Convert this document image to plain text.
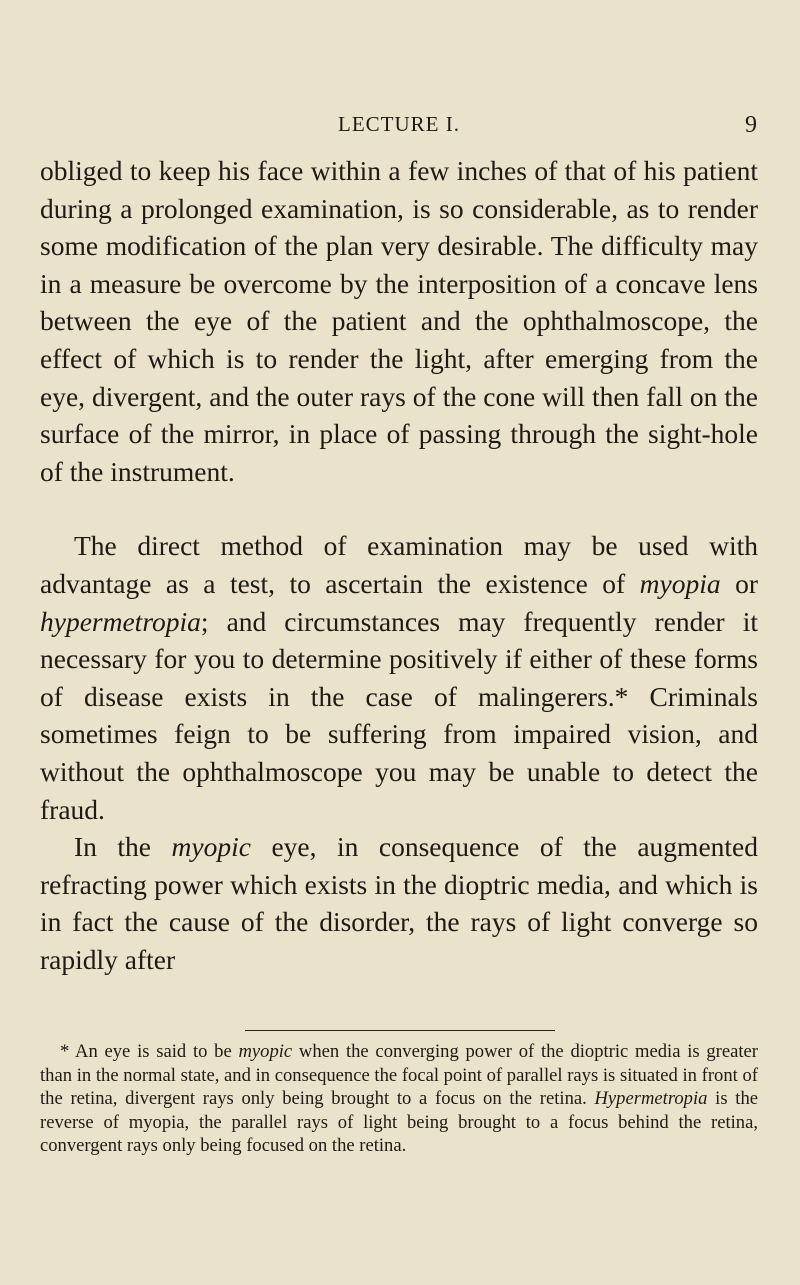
LECTURE I.	9

obliged to keep his face within a few inches of that of his patient during a prolonged examination, is so considerable, as to render some modification of the plan very desirable. The difficulty may in a measure be overcome by the interposition of a concave lens between the eye of the patient and the ophthalmoscope, the effect of which is to render the light, after emerging from the eye, divergent, and the outer rays of the cone will then fall on the surface of the mirror, in place of passing through the sight-hole of the instrument.

The direct method of examination may be used with advantage as a test, to ascertain the existence of myopia or hypermetropia; and circumstances may frequently render it necessary for you to determine positively if either of these forms of disease exists in the case of malingerers.* Criminals sometimes feign to be suffering from impaired vision, and without the ophthalmoscope you may be unable to detect the fraud.

In the myopic eye, in consequence of the augmented refracting power which exists in the dioptric media, and which is in fact the cause of the disorder, the rays of light converge so rapidly after

* An eye is said to be myopic when the converging power of the dioptric media is greater than in the normal state, and in consequence the focal point of parallel rays is situated in front of the retina, divergent rays only being brought to a focus on the retina. Hypermetropia is the reverse of myopia, the parallel rays of light being brought to a focus behind the retina, convergent rays only being focused on the retina.
